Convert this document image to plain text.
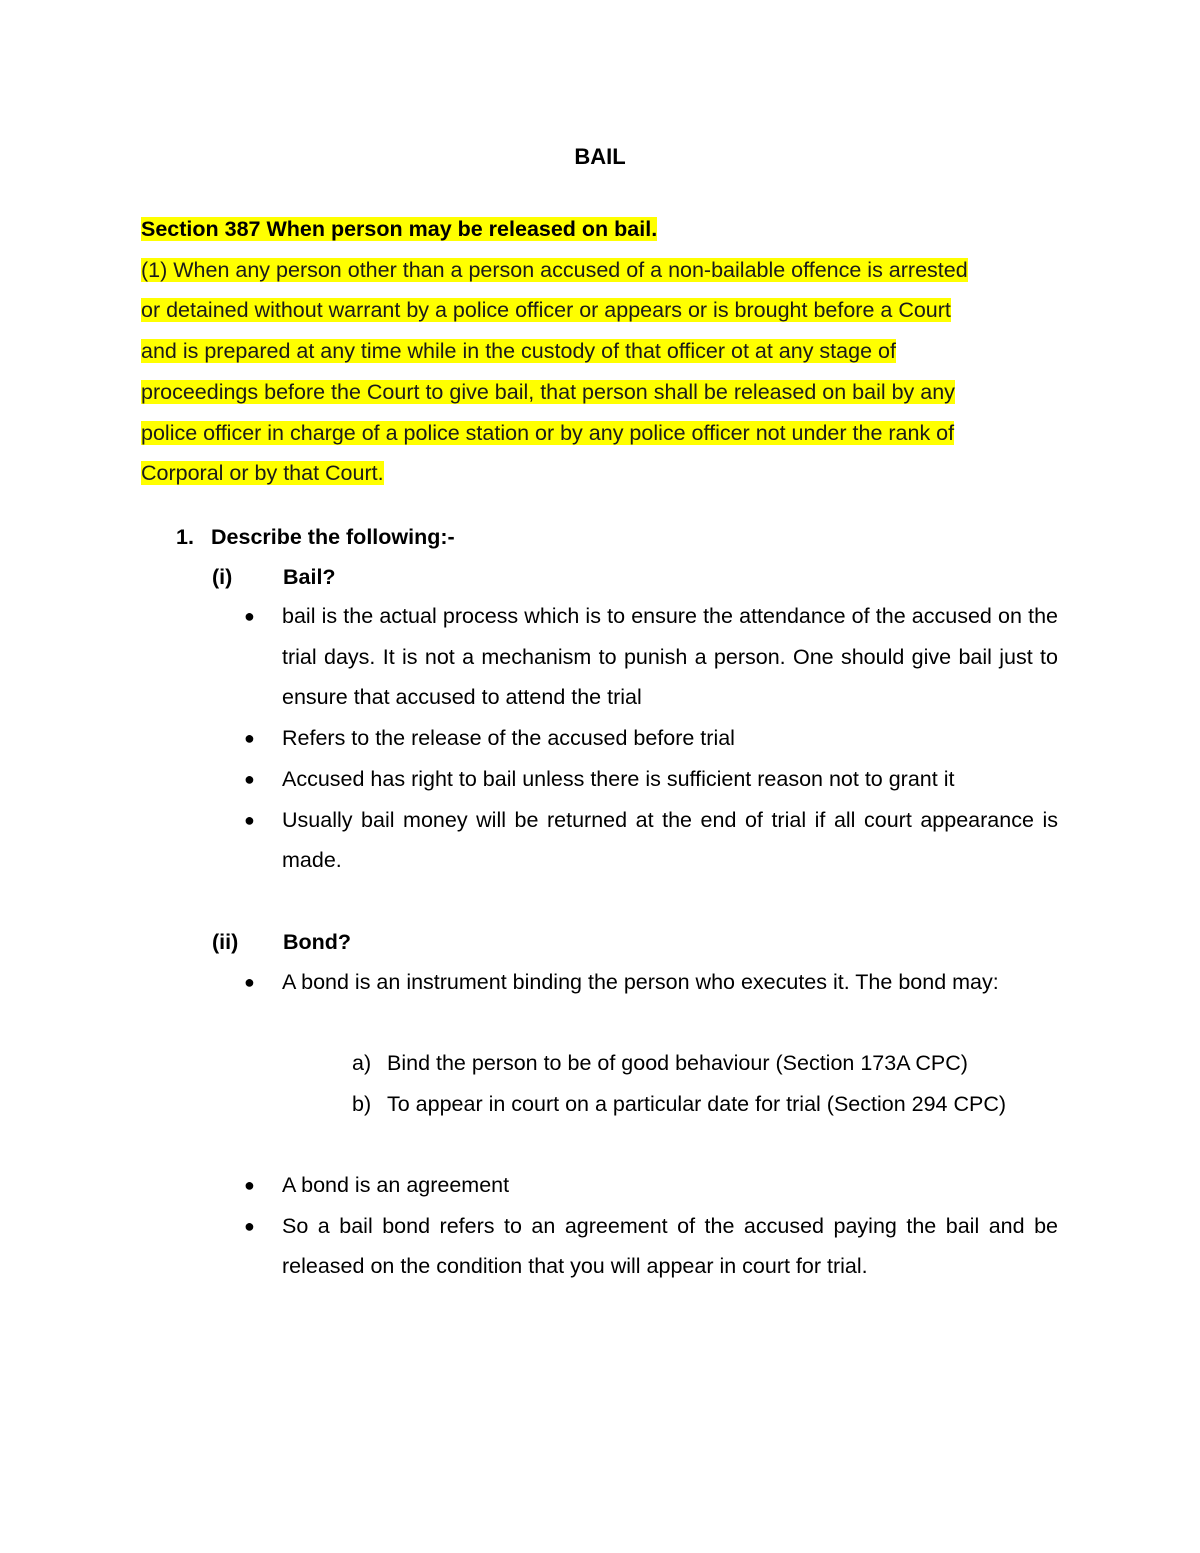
BAIL
Section 387 When person may be released on bail.
(1) When any person other than a person accused of a non-bailable offence is arrested
or detained without warrant by a police officer or appears or is brought before a Court
and is prepared at any time while in the custody of that officer ot at any stage of
proceedings before the Court to give bail, that person shall be released on bail by any
police officer in charge of a police station or by any police officer not under the rank of
Corporal or by that Court.
1. Describe the following:-
(i) Bail?
●	bail is the actual process which is to ensure the attendance of the accused on the trial days. It is not a mechanism to punish a person. One should give bail just to ensure that accused to attend the trial
●	Refers to the release of the accused before trial
●	Accused has right to bail unless there is sufficient reason not to grant it
●	Usually bail money will be returned at the end of trial if all court appearance is made.
(ii) Bond?
●	A bond is an instrument binding the person who executes it. The bond may:
a) Bind the person to be of good behaviour (Section 173A CPC)
b) To appear in court on a particular date for trial (Section 294 CPC)
●	A bond is an agreement
●	So a bail bond refers to an agreement of the accused paying the bail and be released on the condition that you will appear in court for trial.
